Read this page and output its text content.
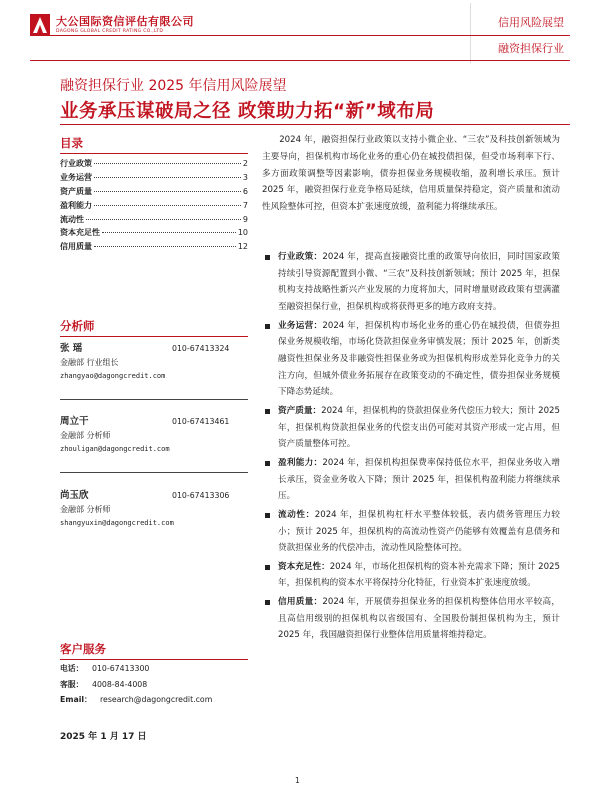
大公国际资信评估有限公司
DAGONG GLOBAL CREDIT RATING CO.,LTD
信用风险展望
融资担保行业
融资担保行业 2025 年信用风险展望
业务承压谋破局之径 政策助力拓“新”域布局
目录
行业政策	2
业务运营	3
资产质量	6
盈利能力	7
流动性	9
资本充足性	10
信用质量	12
分析师
张 瑶	010-67413324
金融部 行业组长
zhangyao@dagongcredit.com
周立干	010-67413461
金融部 分析师
zhouligan@dagongcredit.com
尚玉欣	010-67413306
金融部 分析师
shangyuxin@dagongcredit.com
客户服务
电话： 010-67413300
客服： 4008-84-4008
Email： research@dagongcredit.com
2025 年 1 月 17 日
2024 年，融资担保行业政策以支持小微企业、“三农”及科技创新领域为主要导向，担保机构市场化业务的重心仍在城投债担保，但受市场利率下行、多方面政策调整等因素影响，债券担保业务规模收缩，盈利增长承压。预计 2025 年，融资担保行业竞争格局延续，信用质量保持稳定，资产质量和流动性风险整体可控，但资本扩张速度放缓，盈利能力将继续承压。
行业政策：2024 年，提高直接融资比重的政策导向依旧，同时国家政策持续引导资源配置到小微、“三农”及科技创新领域；预计 2025 年，担保机构支持战略性新兴产业发展的力度将加大，同时增量财政政策有望满灌至融资担保行业，担保机构或将获得更多的地方政府支持。
业务运营：2024 年，担保机构市场化业务的重心仍在城投债，但债券担保业务规模收缩，市场化贷款担保业务审慎发展；预计 2025 年，创新类融资性担保业务及非融资性担保业务或为担保机构形成差异化竞争力的关注方向，但城外债业务拓展存在政策变动的不确定性，债券担保业务规模下降态势延续。
资产质量：2024 年，担保机构的贷款担保业务代偿压力较大；预计 2025 年，担保机构贷款担保业务的代偿支出仍可能对其资产形成一定占用，但资产质量整体可控。
盈利能力：2024 年，担保机构担保费率保持低位水平，担保业务收入增长承压，资金业务收入下降；预计 2025 年，担保机构盈利能力将继续承压。
流动性：2024 年，担保机构杠杆水平整体较低，表内债务管理压力较小；预计 2025 年，担保机构的高流动性资产仍能够有效覆盖有息债务和贷款担保业务的代偿冲击，流动性风险整体可控。
资本充足性：2024 年，市场化担保机构的资本补充需求下降；预计 2025 年，担保机构的资本水平将保持分化特征，行业资本扩张速度放缓。
信用质量：2024 年，开展债券担保业务的担保机构整体信用水平较高，且高信用级别的担保机构以省级国有、全国股份制担保机构为主，预计 2025 年，我国融资担保行业整体信用质量将维持稳定。
1
